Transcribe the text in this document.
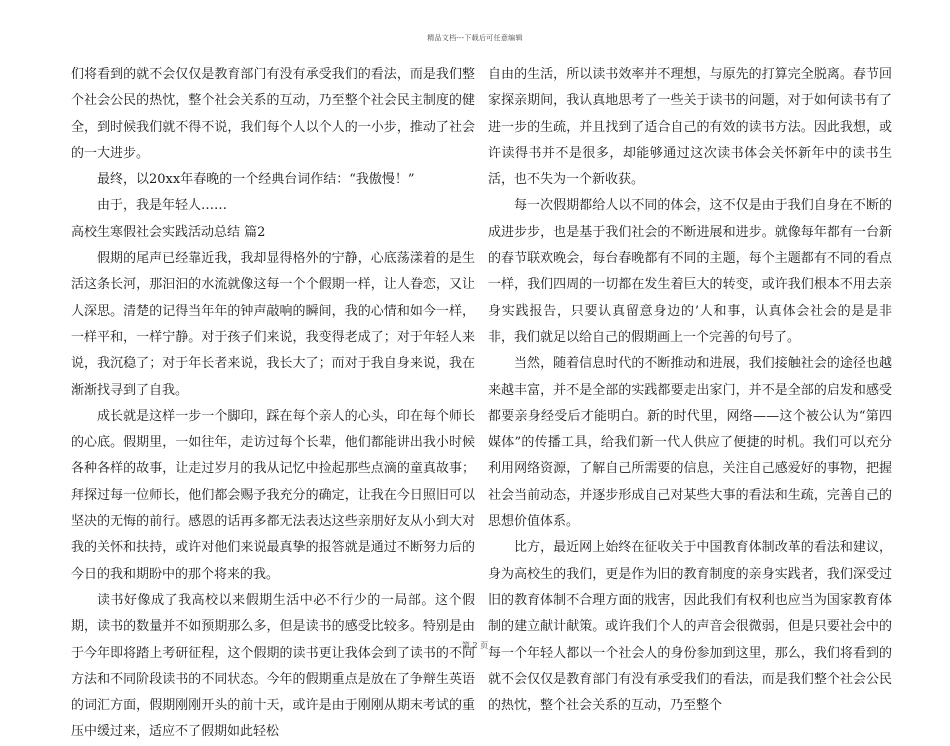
精品文档---下载后可任意编辑

们将看到的就不会仅仅是教育部门有没有承受我们的看法，而是我们整个社会公民的热忱，整个社会关系的互动，乃至整个社会民主制度的健全，到时候我们就不得不说，我们每个人以个人的一小步，推动了社会的一大进步。

最终，以20xx年春晚的一个经典台词作结：“我傲慢！”

由于，我是年轻人……

高校生寒假社会实践活动总结 篇2

假期的尾声已经靠近我，我却显得格外的宁静，心底荡漾着的是生活这条长河，那汩汩的水流就像这每一个个假期一样，让人眷恋，又让人深思。清楚的记得当年年的钟声敲响的瞬间，我的心情和如今一样，一样平和，一样宁静。对于孩子们来说，我变得老成了；对于年轻人来说，我沉稳了；对于年长者来说，我长大了；而对于我自身来说，我在渐渐找寻到了自我。

成长就是这样一步一个脚印，踩在每个亲人的心头，印在每个师长的心底。假期里，一如往年，走访过每个长辈，他们都能讲出我小时候各种各样的故事，让走过岁月的我从记忆中捡起那些点滴的童真故事；拜探过每一位师长，他们都会赐予我充分的确定，让我在今日照旧可以坚决的无悔的前行。感恩的话再多都无法表达这些亲朋好友从小到大对我的关怀和扶持，或许对他们来说最真挚的报答就是通过不断努力后的今日的我和期盼中的那个将来的我。

读书好像成了我高校以来假期生活中必不行少的一局部。这个假期，读书的数量并不如预期那么多，但是读书的感受比较多。特别是由于今年即将踏上考研征程，这个假期的读书更让我体会到了读书的不同方法和不同阶段读书的不同状态。今年的假期重点是放在了争辩生英语的词汇方面，假期刚刚开头的前十天，或许是由于刚刚从期末考试的重压中缓过来，适应不了假期如此轻松

自由的生活，所以读书效率并不理想，与原先的打算完全脱离。春节回家探亲期间，我认真地思考了一些关于读书的问题，对于如何读书有了进一步的生疏，并且找到了适合自己的有效的读书方法。因此我想，或许读得书并不是很多，却能够通过这次读书体会关怀新年中的读书生活，也不失为一个新收获。

每一次假期都给人以不同的体会，这不仅是由于我们自身在不断的成进步步，也是基于我们社会的不断进展和进步。就像每年都有一台新的春节联欢晚会，每台春晚都有不同的主题，每个主题都有不同的看点一样，我们四周的一切都在发生着巨大的转变，或许我们根本不用去亲身实践报告，只要认真留意身边的’人和事，认真体会社会的是是非非，我们就足以给自己的假期画上一个完善的句号了。

当然，随着信息时代的不断推动和进展，我们接触社会的途径也越来越丰富，并不是全部的实践都要走出家门，并不是全部的启发和感受都要亲身经受后才能明白。新的时代里，网络——这个被公认为“第四媒体”的传播工具，给我们新一代人供应了便捷的时机。我们可以充分利用网络资源，了解自己所需要的信息，关注自己感爱好的事物，把握社会当前动态，并逐步形成自己对某些大事的看法和生疏，完善自己的思想价值体系。

比方，最近网上始终在征收关于中国教育体制改革的看法和建议，身为高校生的我们，更是作为旧的教育制度的亲身实践者，我们深受过旧的教育体制不合理方面的戕害，因此我们有权利也应当为国家教育体制的建立献计献策。或许我们个人的声音会很微弱，但是只要社会中的每一个年轻人都以一个社会人的身份参加到这里，那么，我们将看到的就不会仅仅是教育部门有没有承受我们的看法，而是我们整个社会公民的热忱，整个社会关系的互动，乃至整个

第 2 页
